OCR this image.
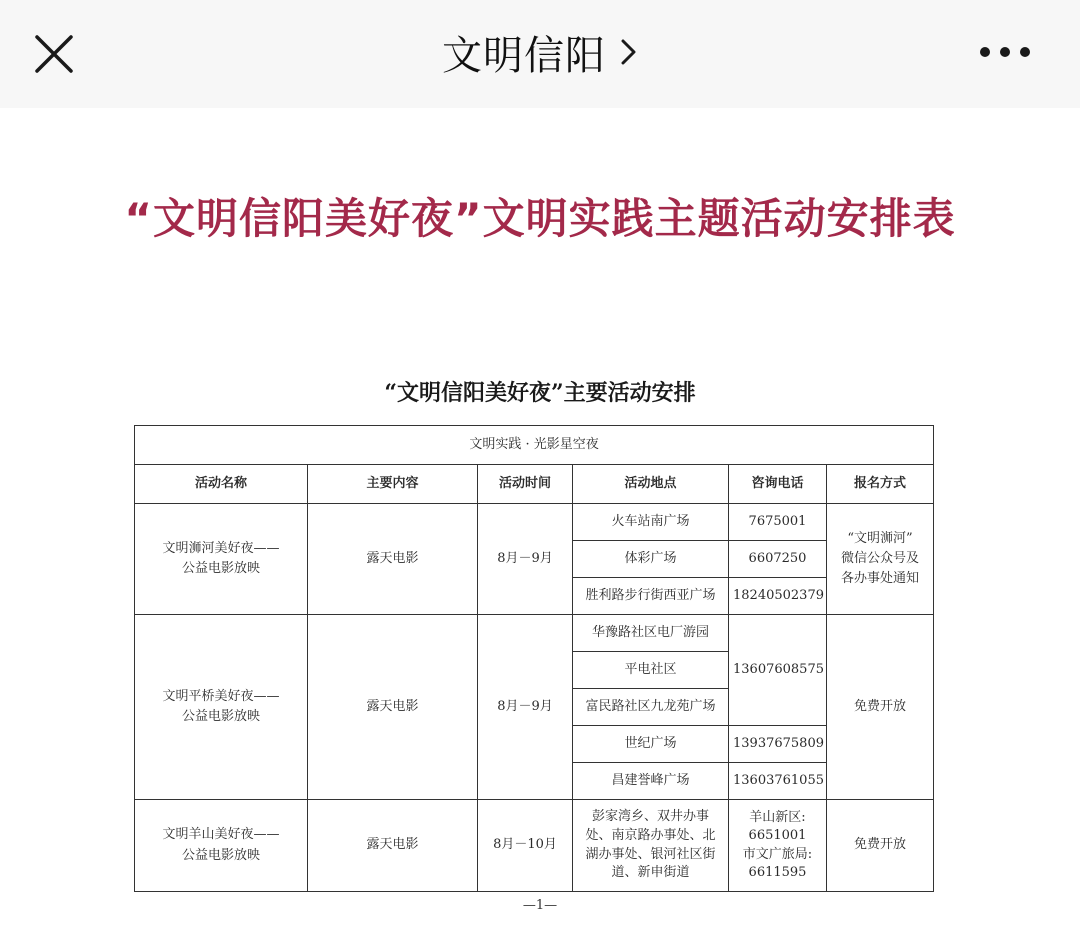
文明信阳
“文明信阳美好夜”文明实践主题活动安排表
“文明信阳美好夜”主要活动安排
文明实践 · 光影星空夜					
活动名称	主要内容	活动时间	活动地点	咨询电话	报名方式
文明浉河美好夜——
公益电影放映	露天电影	8月－9月	火车站南广场	7675001	“文明浉河”
微信公众号及
各办事处通知
			体彩广场	6607250	
			胜利路步行街西亚广场	18240502379	
文明平桥美好夜——
公益电影放映	露天电影	8月－9月	华豫路社区电厂游园	13607608575	免费开放
			平电社区		
			富民路社区九龙苑广场		
			世纪广场	13937675809	
			昌建誉峰广场	13603761055	
文明羊山美好夜——
公益电影放映	露天电影	8月－10月	彭家湾乡、双井办事
处、南京路办事处、北
湖办事处、银河社区街
道、新申街道	羊山新区:
6651001
市文广旅局:
6611595	免费开放
—1—
